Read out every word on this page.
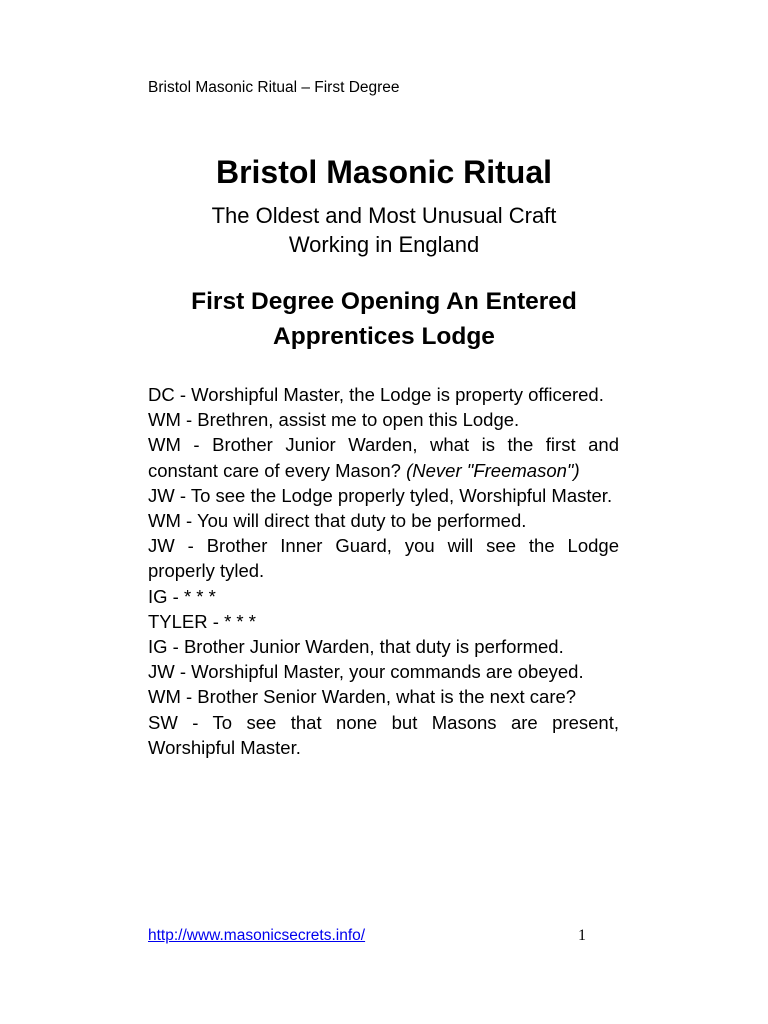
Bristol Masonic Ritual – First Degree
Bristol Masonic Ritual
The Oldest and Most Unusual Craft
Working in England
First Degree Opening An Entered
Apprentices Lodge

DC - Worshipful Master, the Lodge is property officered.

WM - Brethren, assist me to open this Lodge.

WM - Brother Junior Warden, what is the first and constant care of every Mason? (Never "Freemason")

JW - To see the Lodge properly tyled, Worshipful Master.

WM - You will direct that duty to be performed.

JW - Brother Inner Guard, you will see the Lodge properly tyled.

IG - * * *

TYLER - * * *

IG - Brother Junior Warden, that duty is performed.

JW - Worshipful Master, your commands are obeyed.

WM - Brother Senior Warden, what is the next care?

SW - To see that none but Masons are present, Worshipful Master.

http://www.masonicsecrets.info/	1
